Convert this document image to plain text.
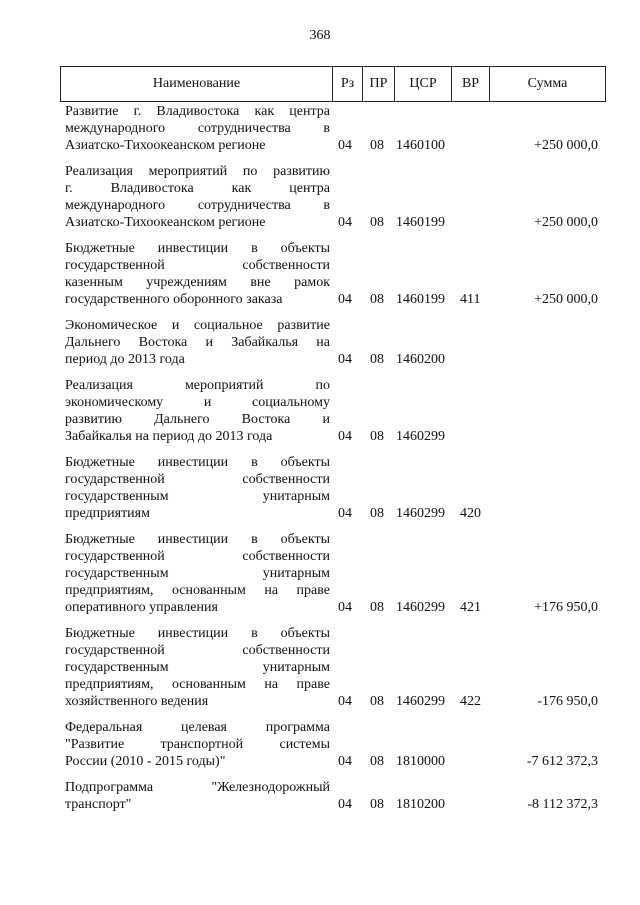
368
Наименование	Рз	ПР	ЦСР	ВР	Сумма
Развитие г. Владивостока как центра
международного сотрудничества в
Азиатско-Тихоокеанском регионе	04 08 1460100	+250 000,0
Реализация мероприятий по развитию
г. Владивостока как центра
международного сотрудничества в
Азиатско-Тихоокеанском регионе	04 08 1460199	+250 000,0
Бюджетные инвестиции в объекты
государственной собственности
казенным учреждениям вне рамок
государственного оборонного заказа	04 08 1460199 411	+250 000,0
Экономическое и социальное развитие
Дальнего Востока и Забайкалья на
период до 2013 года	04 08 1460200
Реализация мероприятий по
экономическому и социальному
развитию Дальнего Востока и
Забайкалья на период до 2013 года	04 08 1460299
Бюджетные инвестиции в объекты
государственной собственности
государственным унитарным
предприятиям	04 08 1460299 420
Бюджетные инвестиции в объекты
государственной собственности
государственным унитарным
предприятиям, основанным на праве
оперативного управления	04 08 1460299 421	+176 950,0
Бюджетные инвестиции в объекты
государственной собственности
государственным унитарным
предприятиям, основанным на праве
хозяйственного ведения	04 08 1460299 422	-176 950,0
Федеральная целевая программа
"Развитие транспортной системы
России (2010 - 2015 годы)"	04 08 1810000	-7 612 372,3
Подпрограмма "Железнодорожный
транспорт"	04 08 1810200	-8 112 372,3
